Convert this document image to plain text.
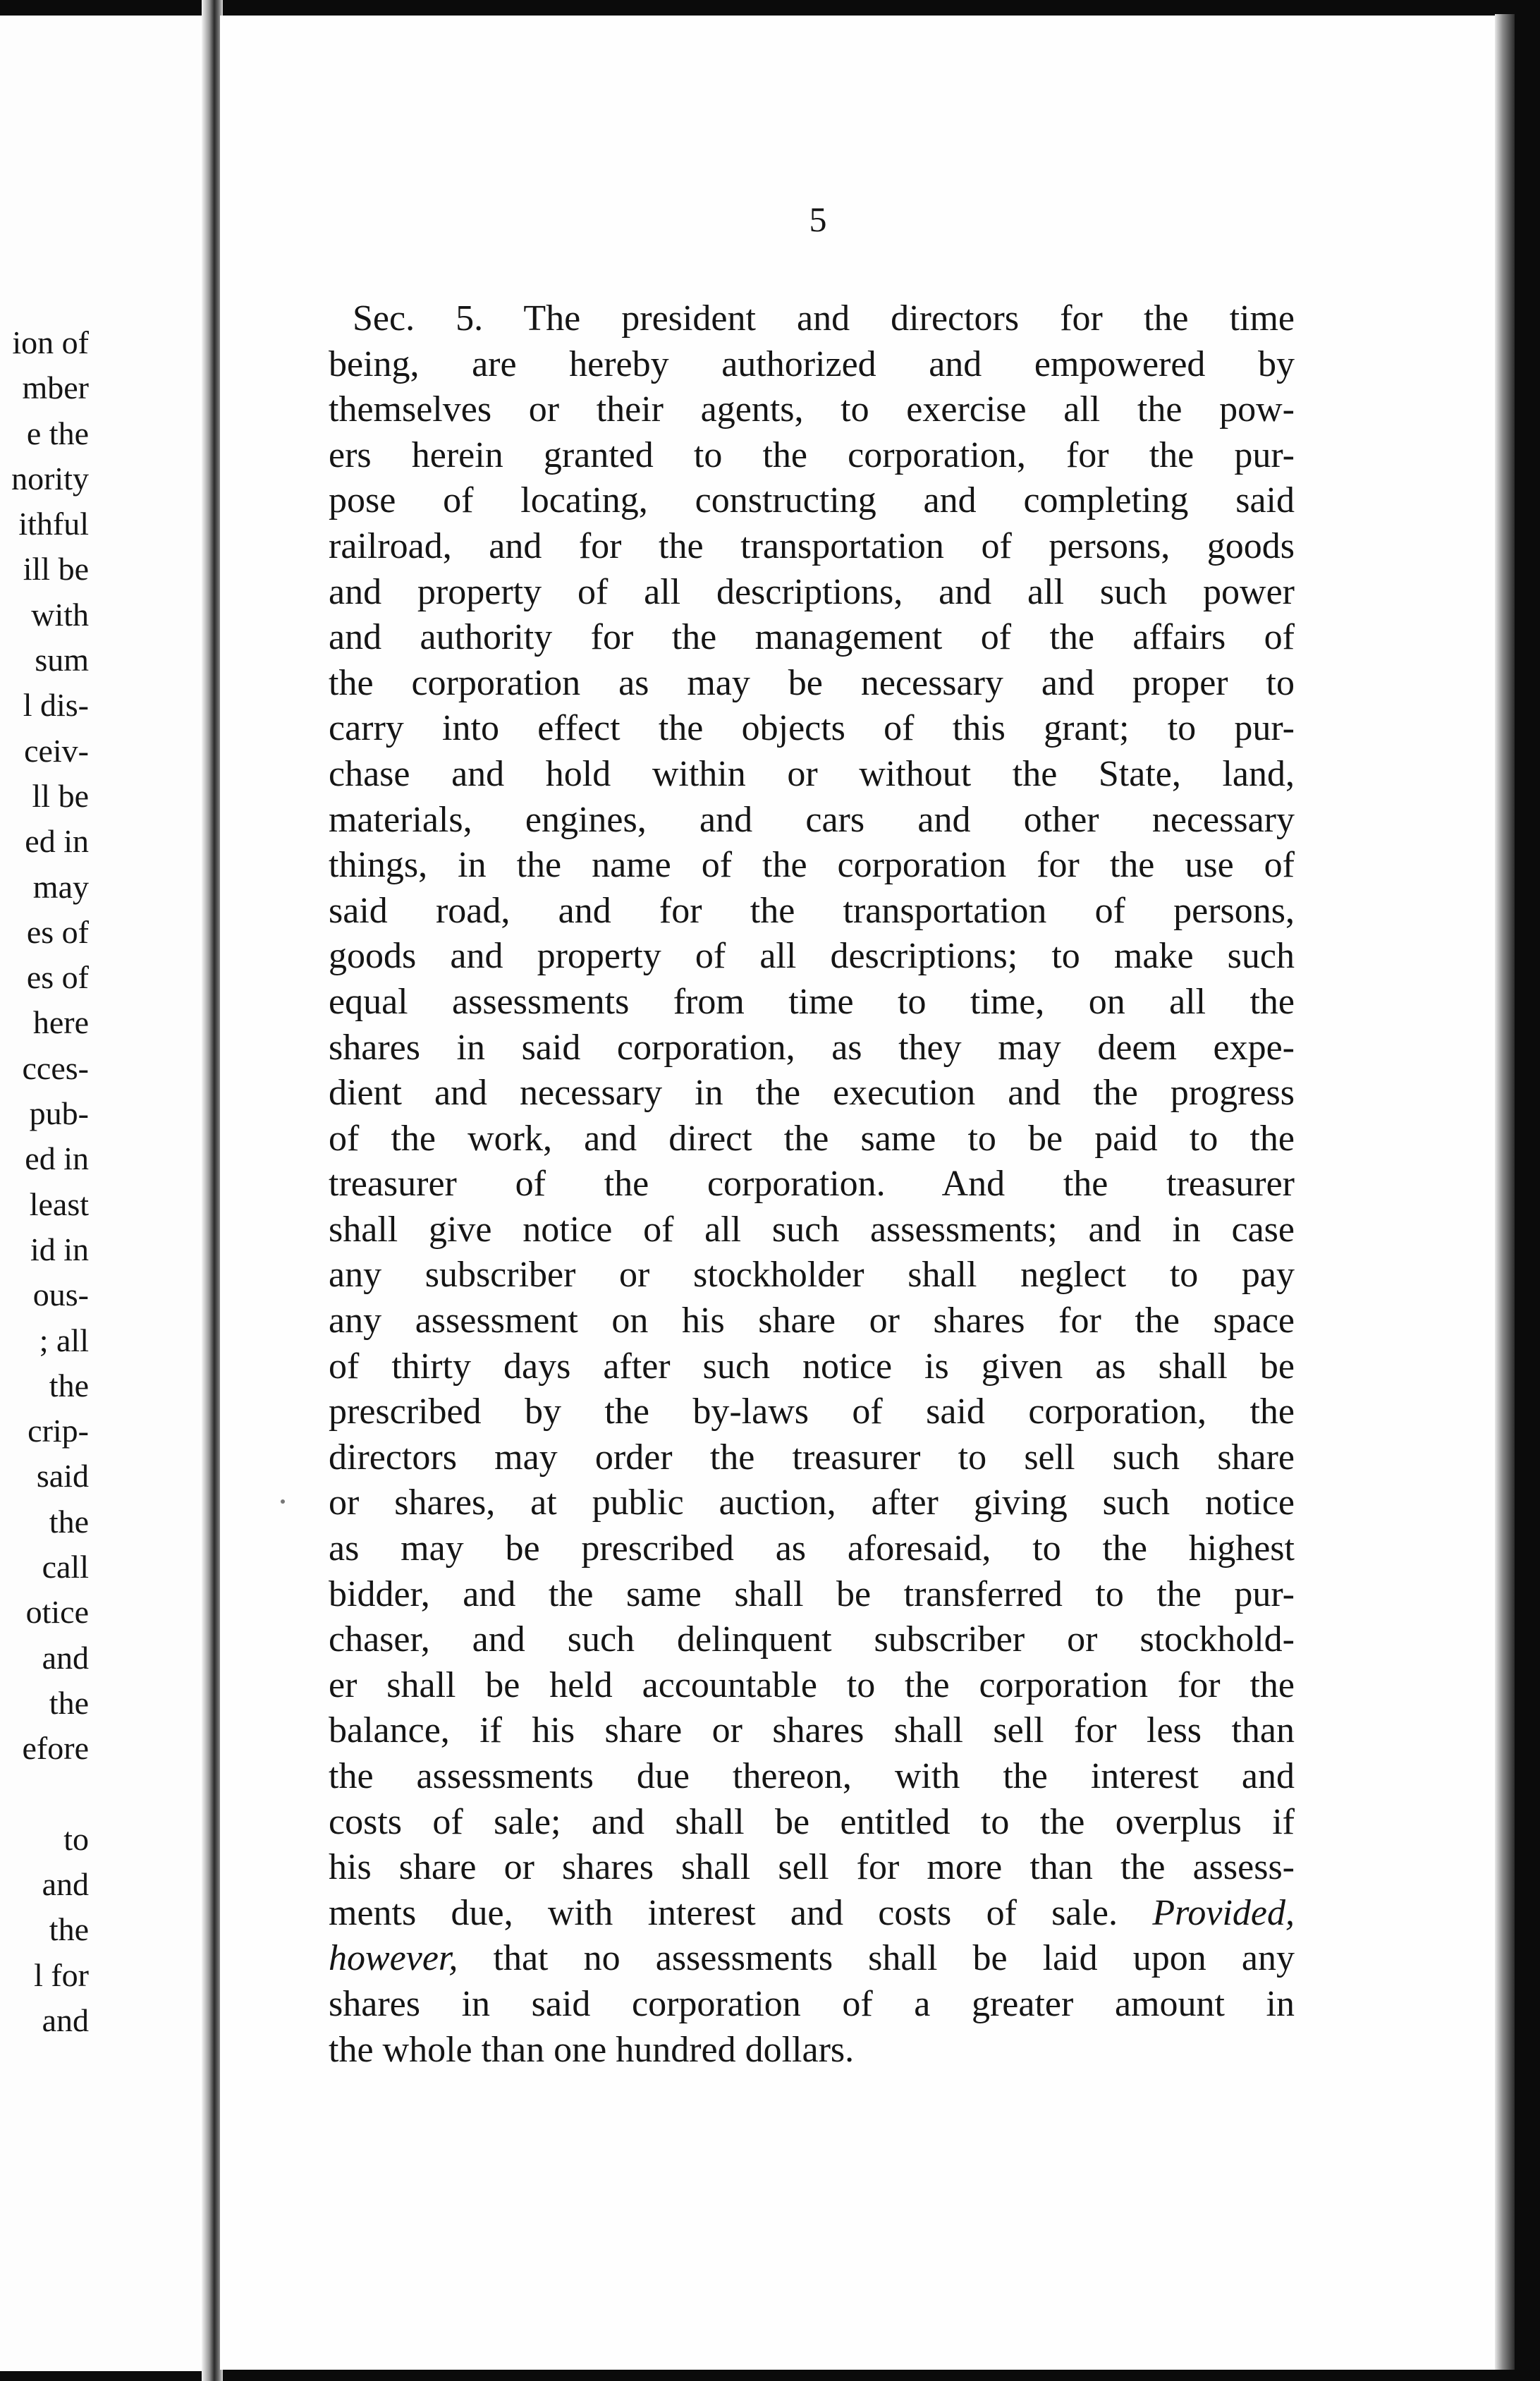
ion of
mber
e the
nority
ithful
ill be
with
sum
l dis-
ceiv-
ll be
ed in
may
es of
es of
here
cces-
pub-
ed in
least
id in
ous-
; all
the
crip-
said
the
call
otice
and
the
efore

to
and
the
l for
and
5
Sec. 5. The president and directors for the time
being, are hereby authorized and empowered by
themselves or their agents, to exercise all the pow-
ers herein granted to the corporation, for the pur-
pose of locating, constructing and completing said
railroad, and for the transportation of persons, goods
and property of all descriptions, and all such power
and authority for the management of the affairs of
the corporation as may be necessary and proper to
carry into effect the objects of this grant; to pur-
chase and hold within or without the State, land,
materials, engines, and cars and other necessary
things, in the name of the corporation for the use of
said road, and for the transportation of persons,
goods and property of all descriptions; to make such
equal assessments from time to time, on all the
shares in said corporation, as they may deem expe-
dient and necessary in the execution and the progress
of the work, and direct the same to be paid to the
treasurer of the corporation. And the treasurer
shall give notice of all such assessments; and in case
any subscriber or stockholder shall neglect to pay
any assessment on his share or shares for the space
of thirty days after such notice is given as shall be
prescribed by the by-laws of said corporation, the
directors may order the treasurer to sell such share
or shares, at public auction, after giving such notice
as may be prescribed as aforesaid, to the highest
bidder, and the same shall be transferred to the pur-
chaser, and such delinquent subscriber or stockhold-
er shall be held accountable to the corporation for the
balance, if his share or shares shall sell for less than
the assessments due thereon, with the interest and
costs of sale; and shall be entitled to the overplus if
his share or shares shall sell for more than the assess-
ments due, with interest and costs of sale. Provided,
however, that no assessments shall be laid upon any
shares in said corporation of a greater amount in
the whole than one hundred dollars.
